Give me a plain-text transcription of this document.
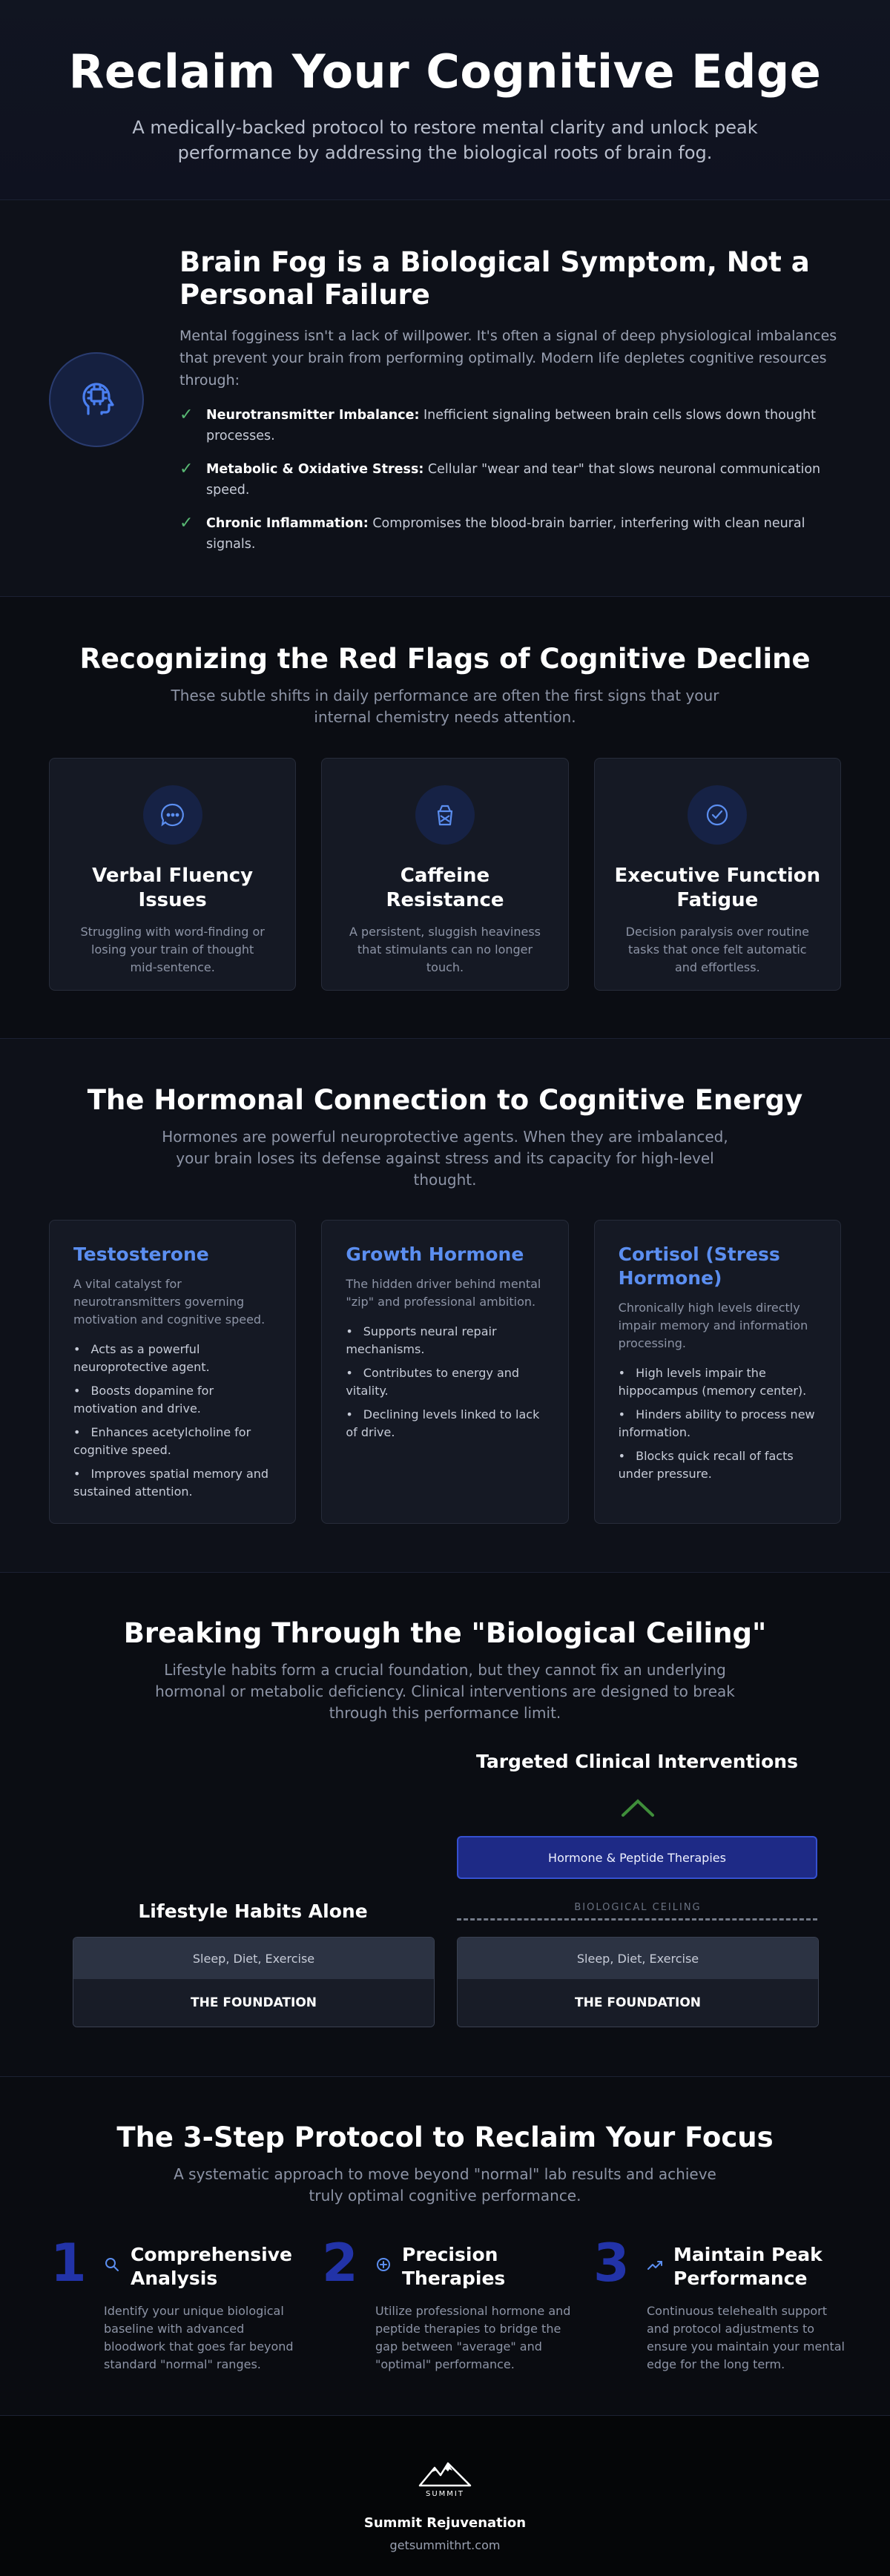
Reclaim Your Cognitive Edge

A medically-backed protocol to restore mental clarity and unlock peak performance by addressing the biological roots of brain fog.

Brain Fog is a Biological Symptom, Not a Personal Failure

Mental fogginess isn't a lack of willpower. It's often a signal of deep physiological imbalances that prevent your brain from performing optimally. Modern life depletes cognitive resources through:

✓	Neurotransmitter Imbalance: Inefficient signaling between brain cells slows down thought processes.
✓	Metabolic & Oxidative Stress: Cellular "wear and tear" that slows neuronal communication speed.
✓	Chronic Inflammation: Compromises the blood-brain barrier, interfering with clean neural signals.
Recognizing the Red Flags of Cognitive Decline

These subtle shifts in daily performance are often the first signs that your internal chemistry needs attention.

Verbal Fluency Issues

Struggling with word-finding or losing your train of thought mid-sentence.

Caffeine Resistance

A persistent, sluggish heaviness that stimulants can no longer touch.

Executive Function Fatigue

Decision paralysis over routine tasks that once felt automatic and effortless.

The Hormonal Connection to Cognitive Energy

Hormones are powerful neuroprotective agents. When they are imbalanced, your brain loses its defense against stress and its capacity for high-level thought.

Testosterone

A vital catalyst for neurotransmitters governing motivation and cognitive speed.

• Acts as a powerful neuroprotective agent.
• Boosts dopamine for motivation and drive.
• Enhances acetylcholine for cognitive speed.
• Improves spatial memory and sustained attention.
Growth Hormone

The hidden driver behind mental "zip" and professional ambition.

• Supports neural repair mechanisms.
• Contributes to energy and vitality.
• Declining levels linked to lack of drive.
Cortisol (Stress Hormone)

Chronically high levels directly impair memory and information processing.

• High levels impair the hippocampus (memory center).
• Hinders ability to process new information.
• Blocks quick recall of facts under pressure.
Breaking Through the "Biological Ceiling"

Lifestyle habits form a crucial foundation, but they cannot fix an underlying hormonal or metabolic deficiency. Clinical interventions are designed to break through this performance limit.

Targeted Clinical Interventions
Hormone & Peptide Therapies
BIOLOGICAL CEILING
Lifestyle Habits Alone
Sleep, Diet, Exercise
THE FOUNDATION
Sleep, Diet, Exercise
THE FOUNDATION
The 3-Step Protocol to Reclaim Your Focus

A systematic approach to move beyond "normal" lab results and achieve truly optimal cognitive performance.

1 Comprehensive Analysis

Identify your unique biological baseline with advanced bloodwork that goes far beyond standard "normal" ranges.

2 Precision Therapies

Utilize professional hormone and peptide therapies to bridge the gap between "average" and "optimal" performance.

3 Maintain Peak Performance

Continuous telehealth support and protocol adjustments to ensure you maintain your mental edge for the long term.

SUMMIT
Summit Rejuvenation
getsummithrt.com
